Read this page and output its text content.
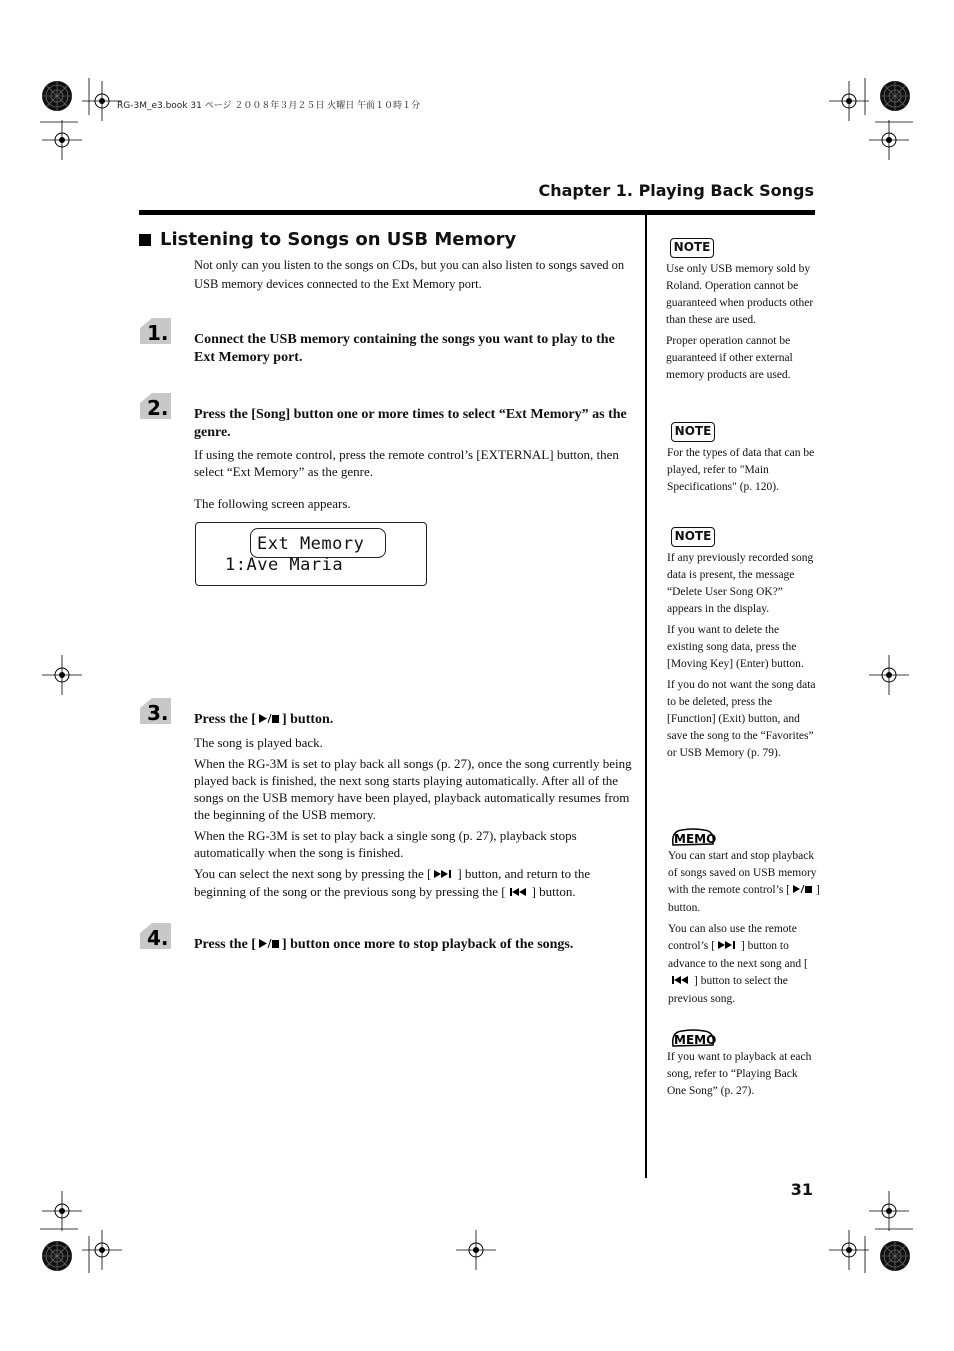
RG-3M_e3.book 31 ページ ２００８年３月２５日 火曜日 午前１０時１分
Chapter 1. Playing Back Songs
Listening to Songs on USB Memory
Not only can you listen to the songs on CDs, but you can also listen to songs saved on USB memory devices connected to the Ext Memory port.
1.
2.
3.
4.
Connect the USB memory containing the songs you want to play to the Ext Memory port.
Press the [Song] button one or more times to select “Ext Memory” as the genre.
If using the remote control, press the remote control’s [EXTERNAL] button, then select “Ext Memory” as the genre.
The following screen appears.
Ext Memory
1:Ave Maria
Press the [ ] button.
The song is played back.
When the RG-3M is set to play back all songs (p. 27), once the song currently being played back is finished, the next song starts playing automatically. After all of the songs on the USB memory have been played, playback automatically resumes from the beginning of the USB memory.
When the RG-3M is set to play back a single song (p. 27), playback stops automatically when the song is finished.
You can select the next song by pressing the [ ] button, and return to the beginning of the song or the previous song by pressing the [ ] button.
Press the [ ] button once more to stop playback of the songs.
NOTE
Use only USB memory sold by Roland. Operation cannot be guaranteed when products other than these are used.
Proper operation cannot be guaranteed if other external memory products are used.
NOTE
For the types of data that can be played, refer to "Main Specifications" (p. 120).
NOTE
If any previously recorded song data is present, the message “Delete User Song OK?” appears in the display.
If you want to delete the existing song data, press the [Moving Key] (Enter) button.
If you do not want the song data to be deleted, press the [Function] (Exit) button, and save the song to the “Favorites” or USB Memory (p. 79).
MEMO
You can start and stop playback of songs saved on USB memory with the remote control’s [ ] button.
You can also use the remote control’s [ ] button to advance to the next song and [] button to select the previous song.
MEMO
If you want to playback at each song, refer to “Playing Back One Song” (p. 27).
31
